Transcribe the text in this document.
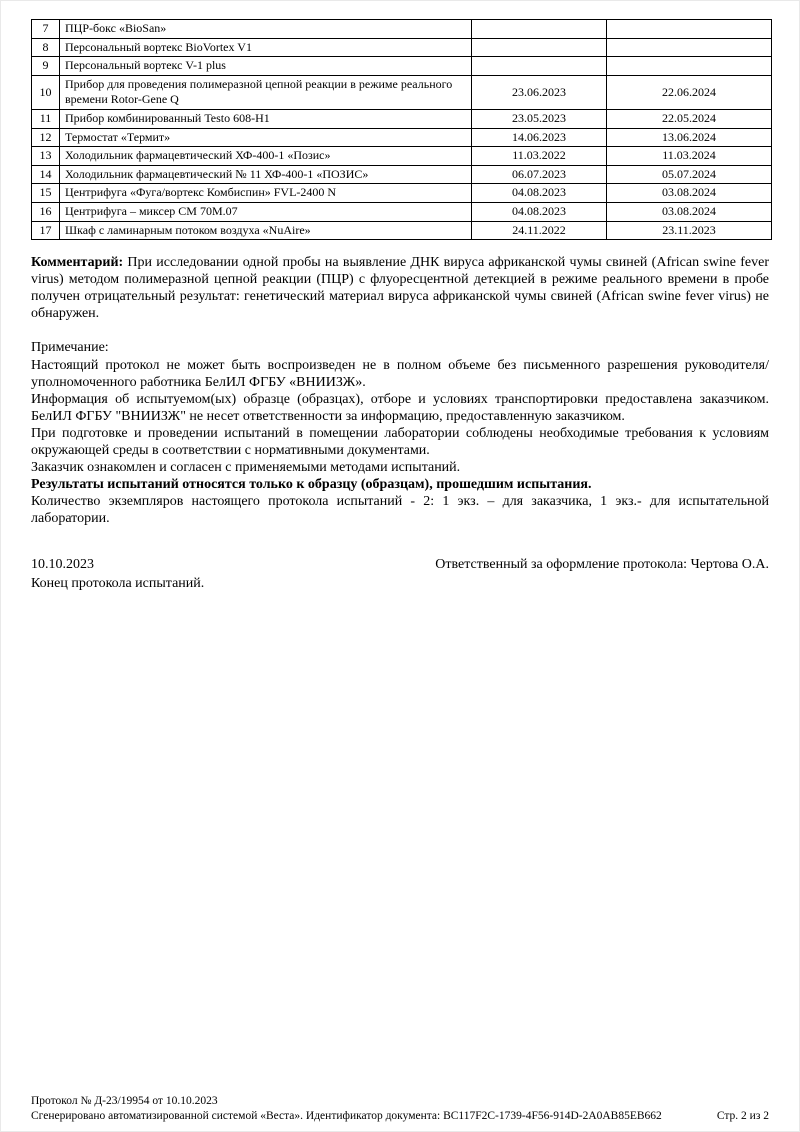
7	ПЦР-бокс «BioSan»		
8	Персональный вортекс BioVortex V1		
9	Персональный вортекс V-1 plus		
10	Прибор для проведения полимеразной цепной реакции в режиме реального времени Rotor-Gene Q	23.06.2023	22.06.2024
11	Прибор комбинированный Testo 608-H1	23.05.2023	22.05.2024
12	Термостат «Термит»	14.06.2023	13.06.2024
13	Холодильник фармацевтический ХФ-400-1 «Позис»	11.03.2022	11.03.2024
14	Холодильник фармацевтический № 11 ХФ-400-1 «ПОЗИС»	06.07.2023	05.07.2024
15	Центрифуга «Фуга/вортекс Комбиспин» FVL-2400 N	04.08.2023	03.08.2024
16	Центрифуга – миксер СМ 70М.07	04.08.2023	03.08.2024
17	Шкаф с ламинарным потоком воздуха «NuAire»	24.11.2022	23.11.2023

Комментарий: При исследовании одной пробы на выявление ДНК вируса африканской чумы свиней (African swine fever virus) методом полимеразной цепной реакции (ПЦР) с флуоресцентной детекцией в режиме реального времени в пробе получен отрицательный результат: генетический материал вируса африканской чумы свиней (African swine fever virus) не обнаружен.

Примечание:

Настоящий протокол не может быть воспроизведен не в полном объеме без письменного разрешения руководителя/уполномоченного работника БелИЛ ФГБУ «ВНИИЗЖ».

Информация об испытуемом(ых) образце (образцах), отборе и условиях транспортировки предоставлена заказчиком. БелИЛ ФГБУ "ВНИИЗЖ" не несет ответственности за информацию, предоставленную заказчиком.

При подготовке и проведении испытаний в помещении лаборатории соблюдены необходимые требования к условиям окружающей среды в соответствии с нормативными документами.

Заказчик ознакомлен и согласен с применяемыми методами испытаний.

Результаты испытаний относятся только к образцу (образцам), прошедшим испытания.

Количество экземпляров настоящего протокола испытаний - 2: 1 экз. – для заказчика, 1 экз.- для испытательной лаборатории.

10.10.2023	Ответственный за оформление протокола: Чертова О.А.

Конец протокола испытаний.

Протокол № Д-23/19954 от 10.10.2023
Сгенерировано автоматизированной системой «Веста». Идентификатор документа: BC117F2C-1739-4F56-914D-2A0AB85EB662	Стр. 2 из 2
